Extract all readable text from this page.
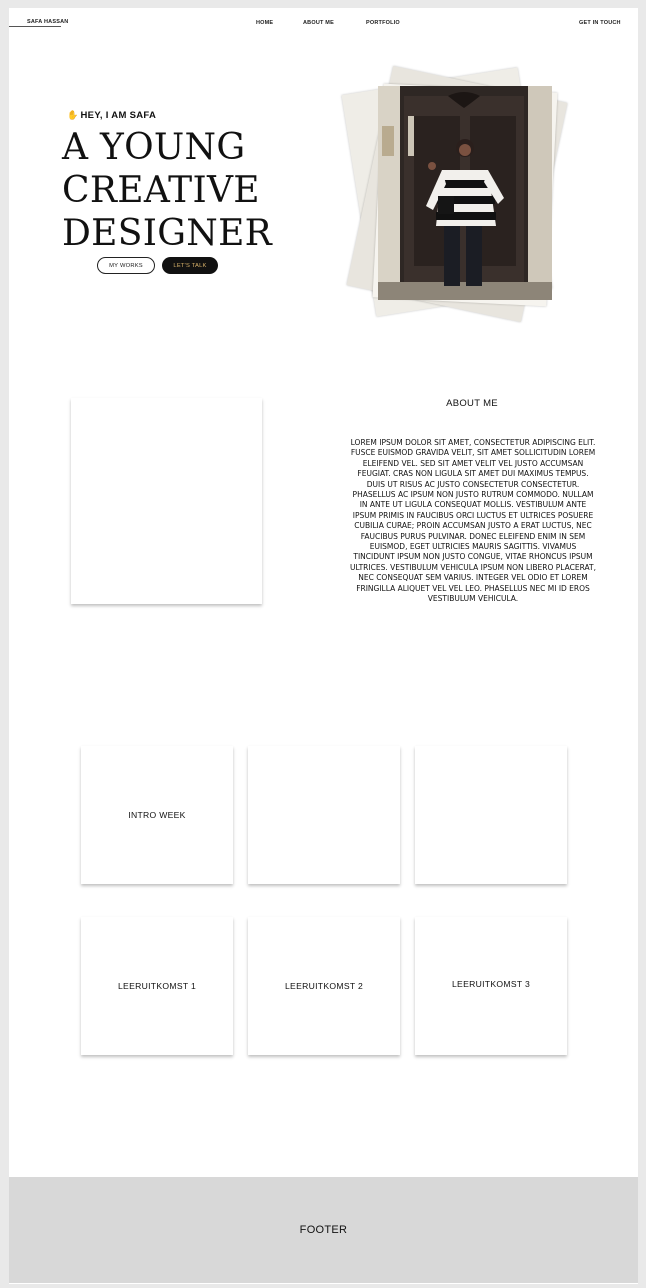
SAFA HASSAN	HOME	ABOUT ME	PORTFOLIO	GET IN TOUCH
✋ HEY, I AM SAFA
A YOUNG
CREATIVE
DESIGNER
MY WORKS	LET'S TALK
ABOUT ME
LOREM IPSUM DOLOR SIT AMET, CONSECTETUR ADIPISCING ELIT. FUSCE EUISMOD GRAVIDA VELIT, SIT AMET SOLLICITUDIN LOREM ELEIFEND VEL. SED SIT AMET VELIT VEL JUSTO ACCUMSAN FEUGIAT. CRAS NON LIGULA SIT AMET DUI MAXIMUS TEMPUS. DUIS UT RISUS AC JUSTO CONSECTETUR CONSECTETUR. PHASELLUS AC IPSUM NON JUSTO RUTRUM COMMODO. NULLAM IN ANTE UT LIGULA CONSEQUAT MOLLIS. VESTIBULUM ANTE IPSUM PRIMIS IN FAUCIBUS ORCI LUCTUS ET ULTRICES POSUERE CUBILIA CURAE; PROIN ACCUMSAN JUSTO A ERAT LUCTUS, NEC FAUCIBUS PURUS PULVINAR. DONEC ELEIFEND ENIM IN SEM EUISMOD, EGET ULTRICIES MAURIS SAGITTIS. VIVAMUS TINCIDUNT IPSUM NON JUSTO CONGUE, VITAE RHONCUS IPSUM ULTRICES. VESTIBULUM VEHICULA IPSUM NON LIBERO PLACERAT, NEC CONSEQUAT SEM VARIUS. INTEGER VEL ODIO ET LOREM FRINGILLA ALIQUET VEL VEL LEO. PHASELLUS NEC MI ID EROS VESTIBULUM VEHICULA.
INTRO WEEK
LEERUITKOMST 1	LEERUITKOMST 2	LEERUITKOMST 3
FOOTER
